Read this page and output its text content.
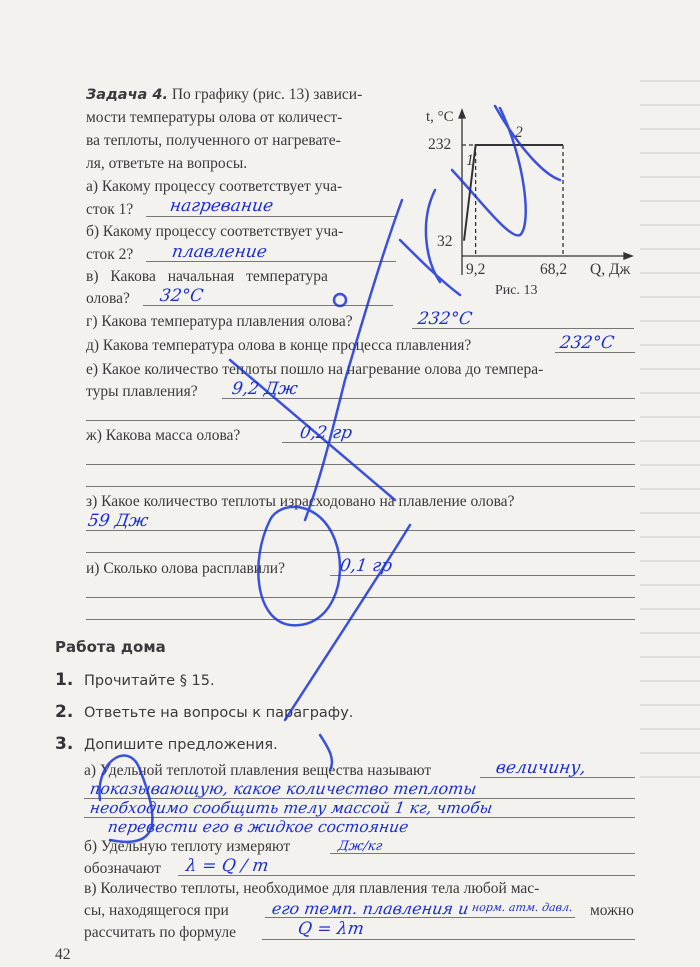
Задача 4. По графику (рис. 13) зависи-
мости температуры олова от количест-
ва теплоты, полученного от нагревате-
ля, ответьте на вопросы.
а) Какому процессу соответствует уча-
сток 1? нагревание
б) Какому процессу соответствует уча-
сток 2? плавление
в) Какова начальная температура
олова? 32°С
г) Какова температура плавления олова?	232°С
д) Какова температура олова в конце процесса плавления?	232°С
е) Какое количество теплоты пошло на нагревание олова до темпера-
туры плавления? 9,2 Дж
ж) Какова масса олова?	0,2 гр
з) Какое количество теплоты израсходовано на плавление олова?
59 Дж
и) Сколько олова расплавили?	0,1 гр
t, °C
232
32
9,2	68,2 Q, Дж
Рис. 13
1
2
Работа дома
1. Прочитайте § 15.
2. Ответьте на вопросы к параграфу.
3. Допишите предложения.
а) Удельной теплотой плавления вещества называют	величину,
показывающую, какое количество теплоты
необходимо сообщить телу массой 1 кг, чтобы
перевести его в жидкое состояние
б) Удельную теплоту измеряют	Дж/кг
обозначают λ = Q / m
в) Количество теплоты, необходимое для плавления тела любой мас-
сы, находящегося при	его темп. плавления и норм. атм. давл. можно
рассчитать по формуле	Q = λm
42
